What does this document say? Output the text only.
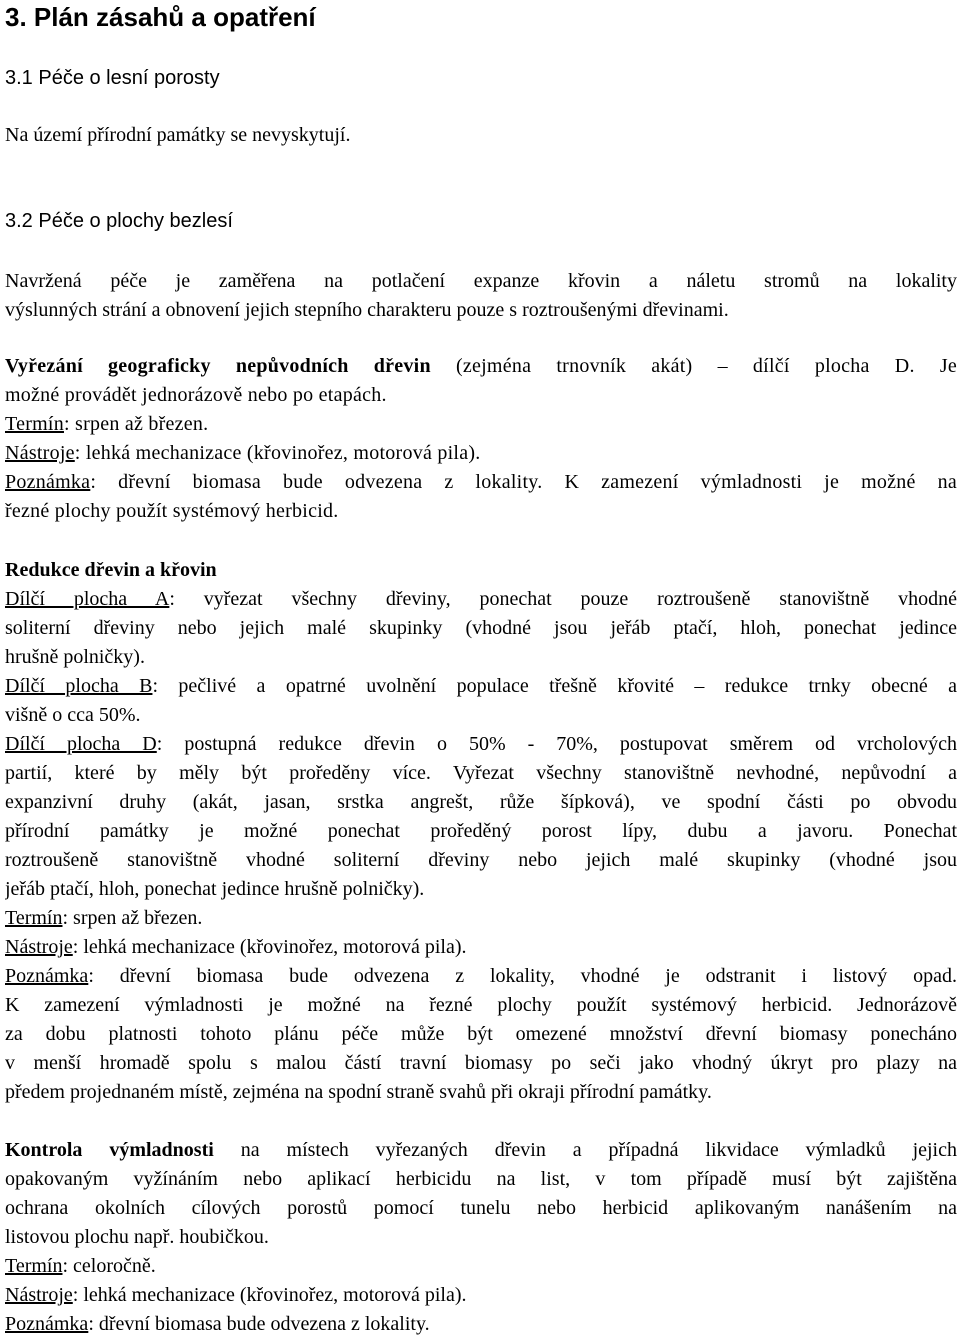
3. Plán zásahů a opatření
3.1 Péče o lesní porosty
Na území přírodní památky se nevyskytují.
3.2 Péče o plochy bezlesí
Navržená péče je zaměřena na potlačení expanze křovin a náletu stromů na lokality
výslunných strání a obnovení jejich stepního charakteru pouze s roztroušenými dřevinami.
Vyřezání geograficky nepůvodních dřevin (zejména trnovník akát) – dílčí plocha D. Je
možné provádět jednorázově nebo po etapách.
Termín: srpen až březen.
Nástroje: lehká mechanizace (křovinořez, motorová pila).
Poznámka: dřevní biomasa bude odvezena z lokality. K zamezení výmladnosti je možné na
řezné plochy použít systémový herbicid.
Redukce dřevin a křovin
Dílčí plocha A: vyřezat všechny dřeviny, ponechat pouze roztroušeně stanovištně vhodné
soliterní dřeviny nebo jejich malé skupinky (vhodné jsou jeřáb ptačí, hloh, ponechat jedince
hrušně polničky).
Dílčí plocha B: pečlivé a opatrné uvolnění populace třešně křovité – redukce trnky obecné a
višně o cca 50%.
Dílčí plocha D: postupná redukce dřevin o 50% - 70%, postupovat směrem od vrcholových
partií, které by měly být proředěny více. Vyřezat všechny stanovištně nevhodné, nepůvodní a
expanzivní druhy (akát, jasan, srstka angrešt, růže šípková), ve spodní části po obvodu
přírodní památky je možné ponechat proředěný porost lípy, dubu a javoru. Ponechat
roztroušeně stanovištně vhodné soliterní dřeviny nebo jejich malé skupinky (vhodné jsou
jeřáb ptačí, hloh, ponechat jedince hrušně polničky).
Termín: srpen až březen.
Nástroje: lehká mechanizace (křovinořez, motorová pila).
Poznámka: dřevní biomasa bude odvezena z lokality, vhodné je odstranit i listový opad.
K zamezení výmladnosti je možné na řezné plochy použít systémový herbicid. Jednorázově
za dobu platnosti tohoto plánu péče může být omezené množství dřevní biomasy ponecháno
v menší hromadě spolu s malou částí travní biomasy po seči jako vhodný úkryt pro plazy na
předem projednaném místě, zejména na spodní straně svahů při okraji přírodní památky.
Kontrola výmladnosti na místech vyřezaných dřevin a případná likvidace výmladků jejich
opakovaným vyžínáním nebo aplikací herbicidu na list, v tom případě musí být zajištěna
ochrana okolních cílových porostů pomocí tunelu nebo herbicid aplikovaným nanášením na
listovou plochu např. houbičkou.
Termín: celoročně.
Nástroje: lehká mechanizace (křovinořez, motorová pila).
Poznámka: dřevní biomasa bude odvezena z lokality.
